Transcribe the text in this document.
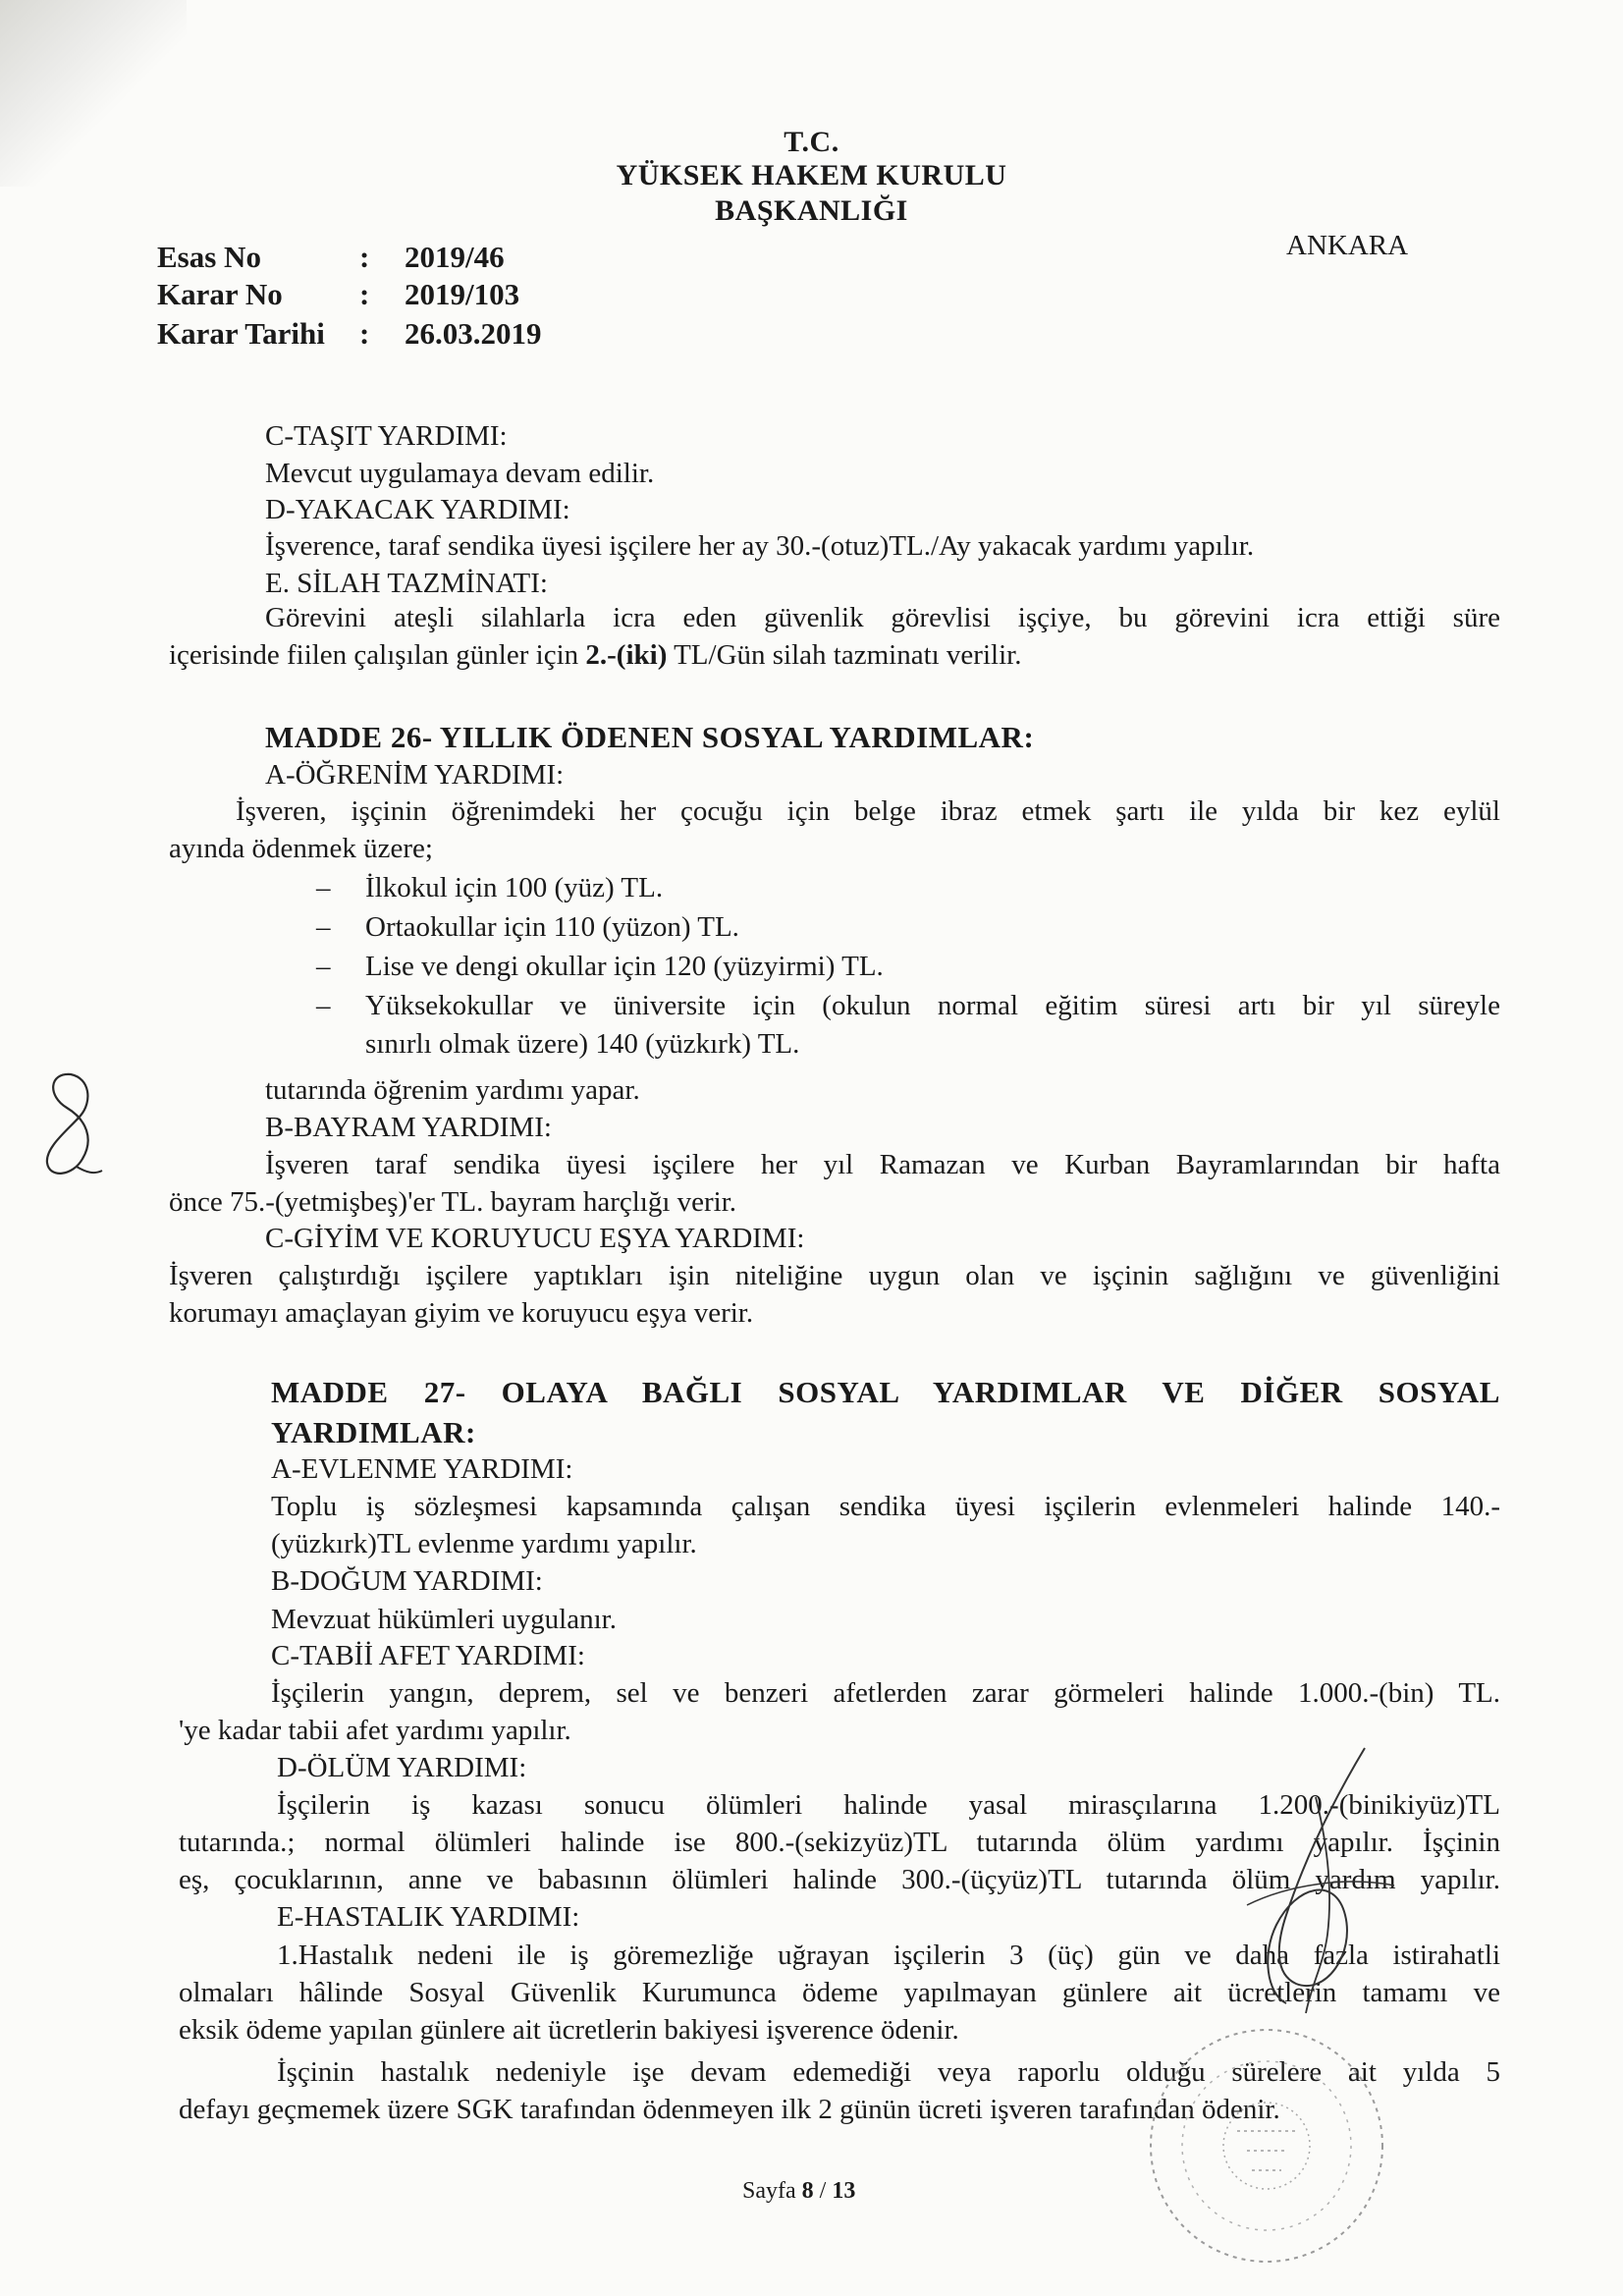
T.C.
YÜKSEK HAKEM KURULU
BAŞKANLIĞI
ANKARA
Esas No	: 2019/46
Karar No	: 2019/103
Karar Tarihi : 26.03.2019
C-TAŞIT YARDIMI:
Mevcut uygulamaya devam edilir.
D-YAKACAK YARDIMI:
İşverence, taraf sendika üyesi işçilere her ay 30.-(otuz)TL./Ay yakacak yardımı yapılır.
E. SİLAH TAZMİNATI:
Görevini ateşli silahlarla icra eden güvenlik görevlisi işçiye, bu görevini icra ettiği süre
içerisinde fiilen çalışılan günler için 2.-(iki) TL/Gün silah tazminatı verilir.
MADDE 26- YILLIK ÖDENEN SOSYAL YARDIMLAR:
A-ÖĞRENİM YARDIMI:
İşveren, işçinin öğrenimdeki her çocuğu için belge ibraz etmek şartı ile yılda bir kez eylül
ayında ödenmek üzere;
– İlkokul için 100 (yüz) TL.
– Ortaokullar için 110 (yüzon) TL.
– Lise ve dengi okullar için 120 (yüzyirmi) TL.
– Yüksekokullar ve üniversite için (okulun normal eğitim süresi artı bir yıl süreyle
sınırlı olmak üzere) 140 (yüzkırk) TL.
tutarında öğrenim yardımı yapar.
B-BAYRAM YARDIMI:
İşveren taraf sendika üyesi işçilere her yıl Ramazan ve Kurban Bayramlarından bir hafta
önce 75.-(yetmişbeş)'er TL. bayram harçlığı verir.
C-GİYİM VE KORUYUCU EŞYA YARDIMI:
İşveren çalıştırdığı işçilere yaptıkları işin niteliğine uygun olan ve işçinin sağlığını ve güvenliğini
korumayı amaçlayan giyim ve koruyucu eşya verir.
MADDE 27- OLAYA BAĞLI SOSYAL YARDIMLAR VE DİĞER SOSYAL
YARDIMLAR:
A-EVLENME YARDIMI:
Toplu iş sözleşmesi kapsamında çalışan sendika üyesi işçilerin evlenmeleri halinde 140.-
(yüzkırk)TL evlenme yardımı yapılır.
B-DOĞUM YARDIMI:
Mevzuat hükümleri uygulanır.
C-TABİİ AFET YARDIMI:
İşçilerin yangın, deprem, sel ve benzeri afetlerden zarar görmeleri halinde 1.000.-(bin) TL.
'ye kadar tabii afet yardımı yapılır.
D-ÖLÜM YARDIMI:
İşçilerin iş kazası sonucu ölümleri halinde yasal mirasçılarına 1.200.-(binikiyüz)TL
tutarında.; normal ölümleri halinde ise 800.-(sekizyüz)TL tutarında ölüm yardımı yapılır. İşçinin
eş, çocuklarının, anne ve babasının ölümleri halinde 300.-(üçyüz)TL tutarında ölüm yardım yapılır.
E-HASTALIK YARDIMI:
1.Hastalık nedeni ile iş göremezliğe uğrayan işçilerin 3 (üç) gün ve daha fazla istirahatli
olmaları hâlinde Sosyal Güvenlik Kurumunca ödeme yapılmayan günlere ait ücretlerin tamamı ve
eksik ödeme yapılan günlere ait ücretlerin bakiyesi işverence ödenir.
İşçinin hastalık nedeniyle işe devam edemediği veya raporlu olduğu sürelere ait yılda 5
defayı geçmemek üzere SGK tarafından ödenmeyen ilk 2 günün ücreti işveren tarafından ödenir.
Sayfa 8 / 13
